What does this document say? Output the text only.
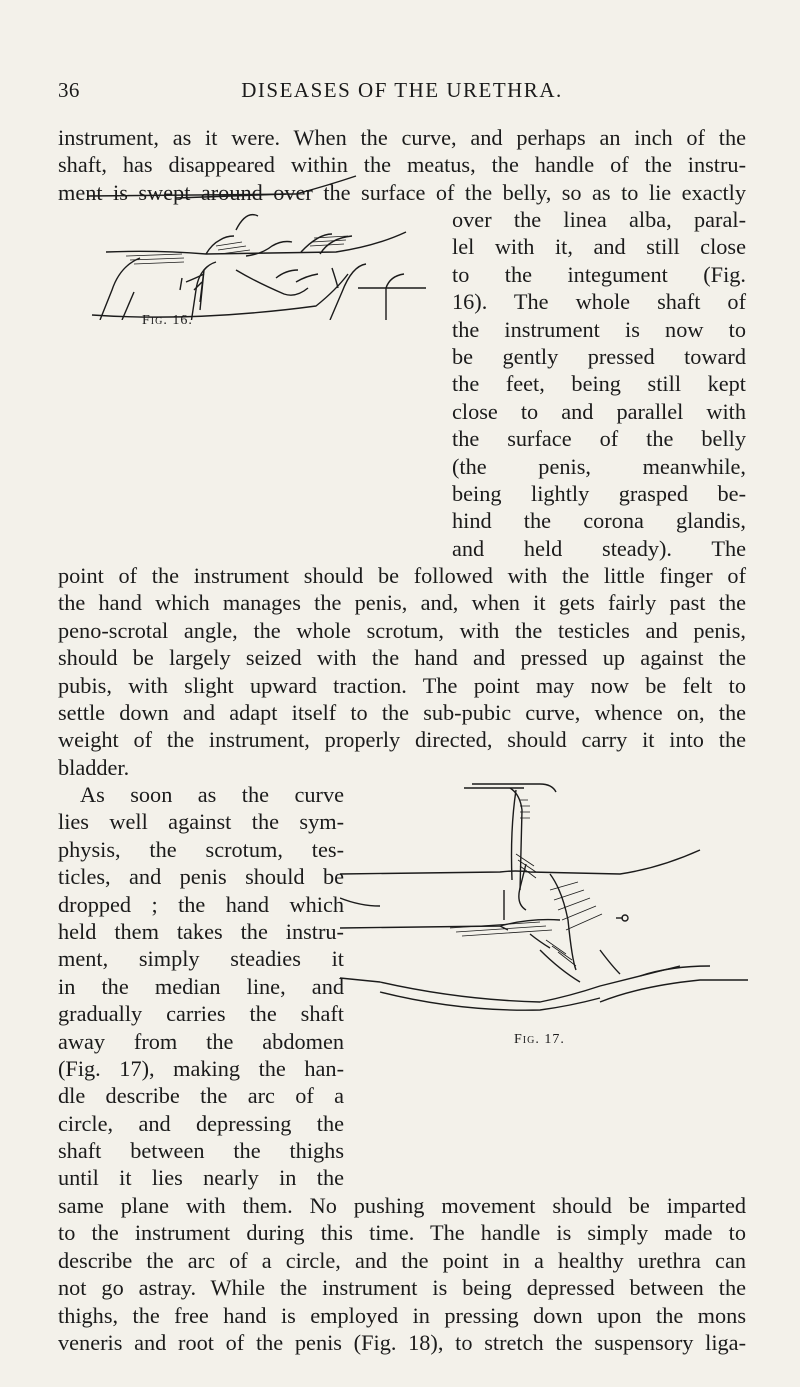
36	DISEASES OF THE URETHRA.
instrument, as it were. When the curve, and perhaps an inch of the
shaft, has disappeared within the meatus, the handle of the instru-
ment is swept around over the surface of the belly, so as to lie exactly
Fig. 16.
over the linea alba, paral-
lel with it, and still close
to the integument (Fig.
16). The whole shaft of
the instrument is now to
be gently pressed toward
the feet, being still kept
close to and parallel with
the surface of the belly
(the penis, meanwhile,
being lightly grasped be-
hind the corona glandis,
and held steady). The
point of the instrument should be followed with the little finger of
the hand which manages the penis, and, when it gets fairly past the
peno-scrotal angle, the whole scrotum, with the testicles and penis,
should be largely seized with the hand and pressed up against the
pubis, with slight upward traction. The point may now be felt to
settle down and adapt itself to the sub-pubic curve, whence on, the
weight of the instrument, properly directed, should carry it into the
bladder.
As soon as the curve
lies well against the sym-
physis, the scrotum, tes-
ticles, and penis should be
dropped ; the hand which
held them takes the instru-
ment, simply steadies it
in the median line, and
gradually carries the shaft
away from the abdomen
(Fig. 17), making the han-
dle describe the arc of a
circle, and depressing the
shaft between the thighs
until it lies nearly in the
Fig. 17.
same plane with them. No pushing movement should be imparted
to the instrument during this time. The handle is simply made to
describe the arc of a circle, and the point in a healthy urethra can
not go astray. While the instrument is being depressed between the
thighs, the free hand is employed in pressing down upon the mons
veneris and root of the penis (Fig. 18), to stretch the suspensory liga-
